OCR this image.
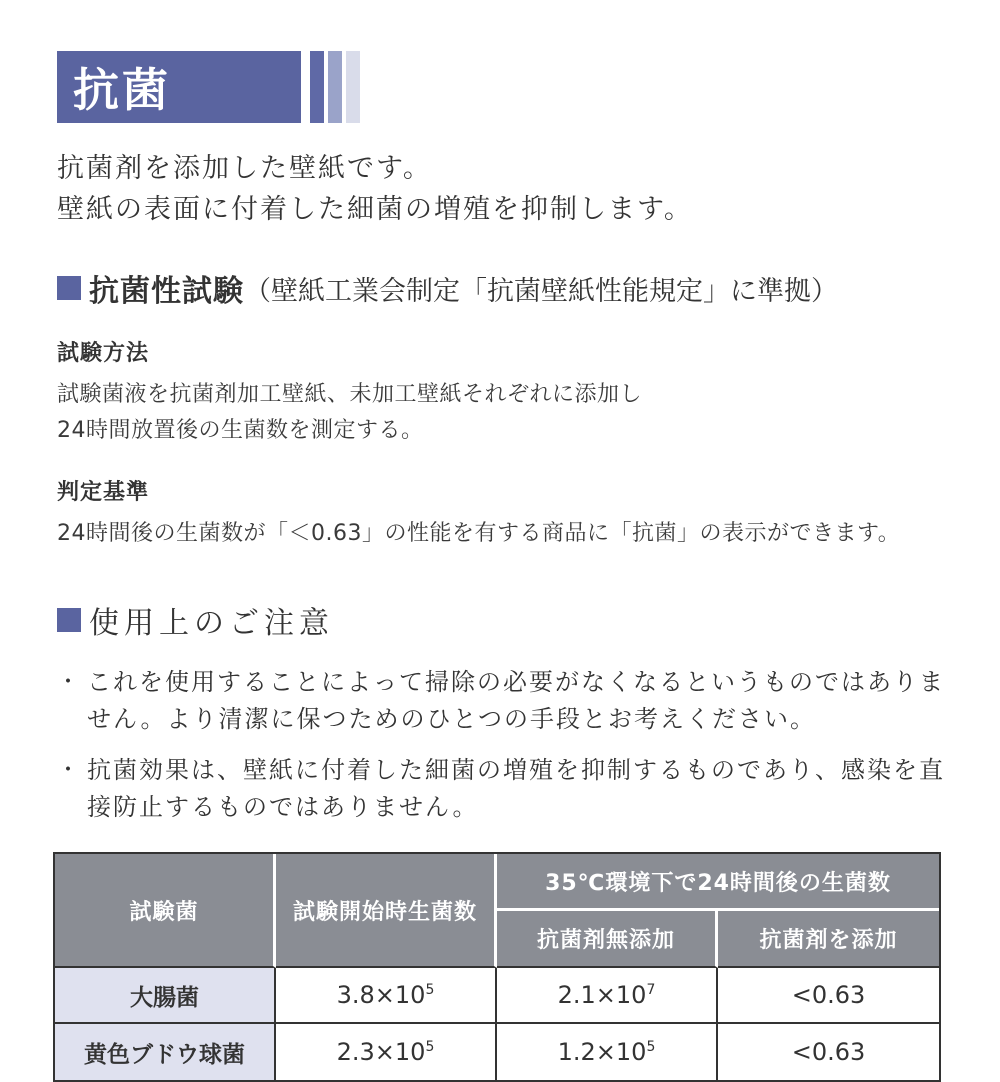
抗菌
抗菌剤を添加した壁紙です。
壁紙の表面に付着した細菌の増殖を抑制します。
抗菌性試験 （壁紙工業会制定「抗菌壁紙性能規定」に準拠）
試験方法
試験菌液を抗菌剤加工壁紙、未加工壁紙それぞれに添加し
24時間放置後の生菌数を測定する。
判定基準
24時間後の生菌数が「＜0.63」の性能を有する商品に「抗菌」の表示ができます。
使用上のご注意
・ これを使用することによって掃除の必要がなくなるというものではありません。より清潔に保つためのひとつの手段とお考えください。
・ 抗菌効果は、壁紙に付着した細菌の増殖を抑制するものであり、感染を直接防止するものではありません。
試験菌	試験開始時生菌数
35℃環境下で24時間後の生菌数
抗菌剤無添加	抗菌剤を添加
大腸菌	$3.8\times 10^5$	$2.1\times 10^7$	<0.63
黄色ブドウ球菌	$2.3\times 10^5$	$1.2\times 10^5$	<0.63
